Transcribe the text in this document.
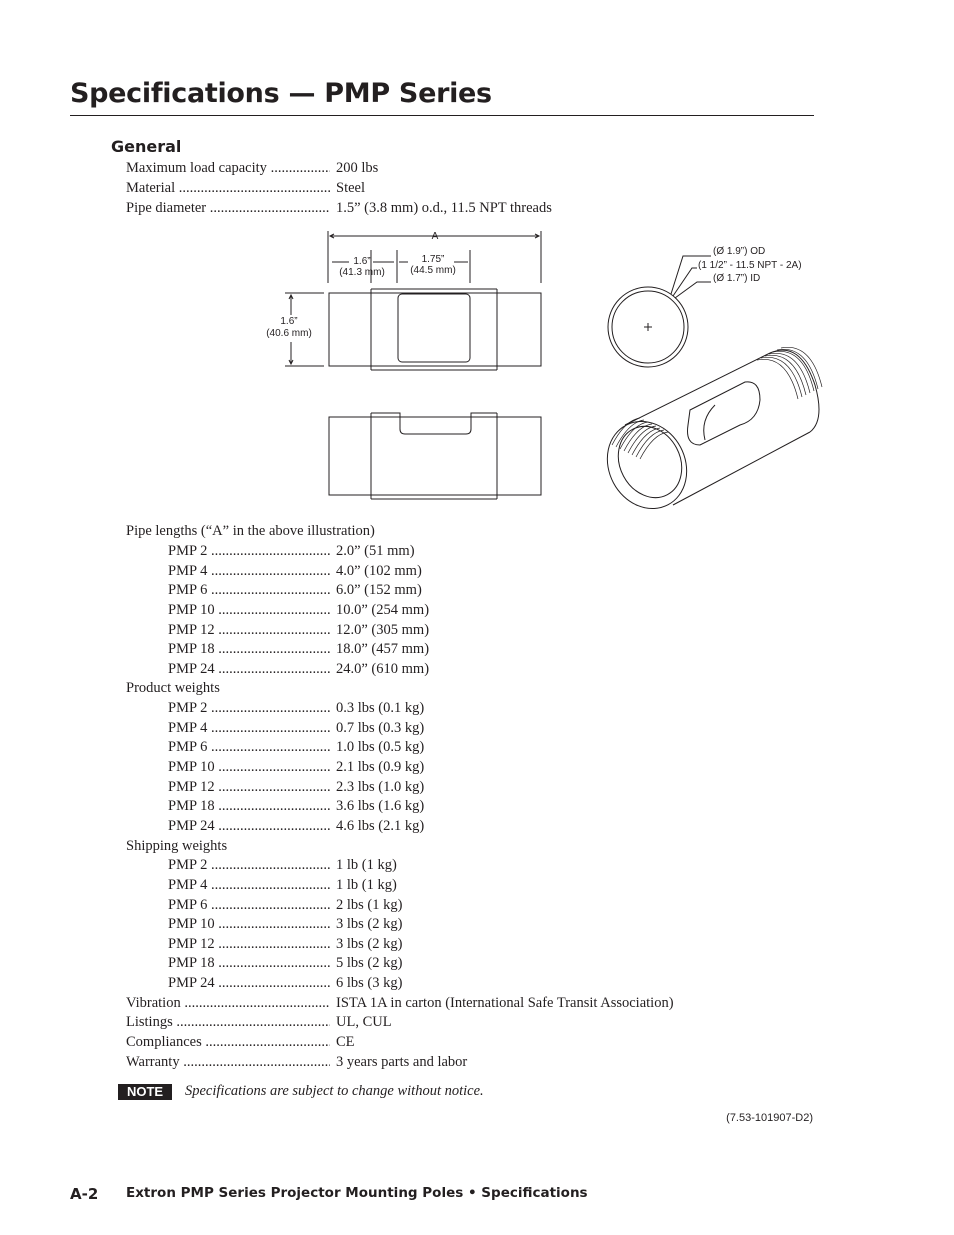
Specifications — PMP Series
General
Maximum load capacity .....	200 lbs
Material .....	Steel
Pipe diameter .....	1.5” (3.8 mm) o.d., 11.5 NPT threads
A
1.6”
(41.3 mm)
1.75”
(44.5 mm)
1.6”
(40.6 mm)
(Ø 1.9”) OD
(1 1/2” - 11.5 NPT - 2A)
(Ø 1.7”) ID
Pipe lengths (“A” in the above illustration)
PMP 2 .....	2.0” (51 mm)
PMP 4 .....	4.0” (102 mm)
PMP 6 .....	6.0” (152 mm)
PMP 10 .....	10.0” (254 mm)
PMP 12 .....	12.0” (305 mm)
PMP 18 .....	18.0” (457 mm)
PMP 24 .....	24.0” (610 mm)
Product weights
PMP 2 .....	0.3 lbs (0.1 kg)
PMP 4 .....	0.7 lbs (0.3 kg)
PMP 6 .....	1.0 lbs (0.5 kg)
PMP 10 .....	2.1 lbs (0.9 kg)
PMP 12 .....	2.3 lbs (1.0 kg)
PMP 18 .....	3.6 lbs (1.6 kg)
PMP 24 .....	4.6 lbs (2.1 kg)
Shipping weights
PMP 2 .....	1 lb (1 kg)
PMP 4 .....	1 lb (1 kg)
PMP 6 .....	2 lbs (1 kg)
PMP 10 .....	3 lbs (2 kg)
PMP 12 .....	3 lbs (2 kg)
PMP 18 .....	5 lbs (2 kg)
PMP 24 .....	6 lbs (3 kg)
Vibration .....	ISTA 1A in carton (International Safe Transit Association)
Listings .....	UL, CUL
Compliances .....	CE
Warranty .....	3 years parts and labor
NOTE	Specifications are subject to change without notice.
(7.53-101907-D2)
A-2 Extron PMP Series Projector Mounting Poles • Specifications
